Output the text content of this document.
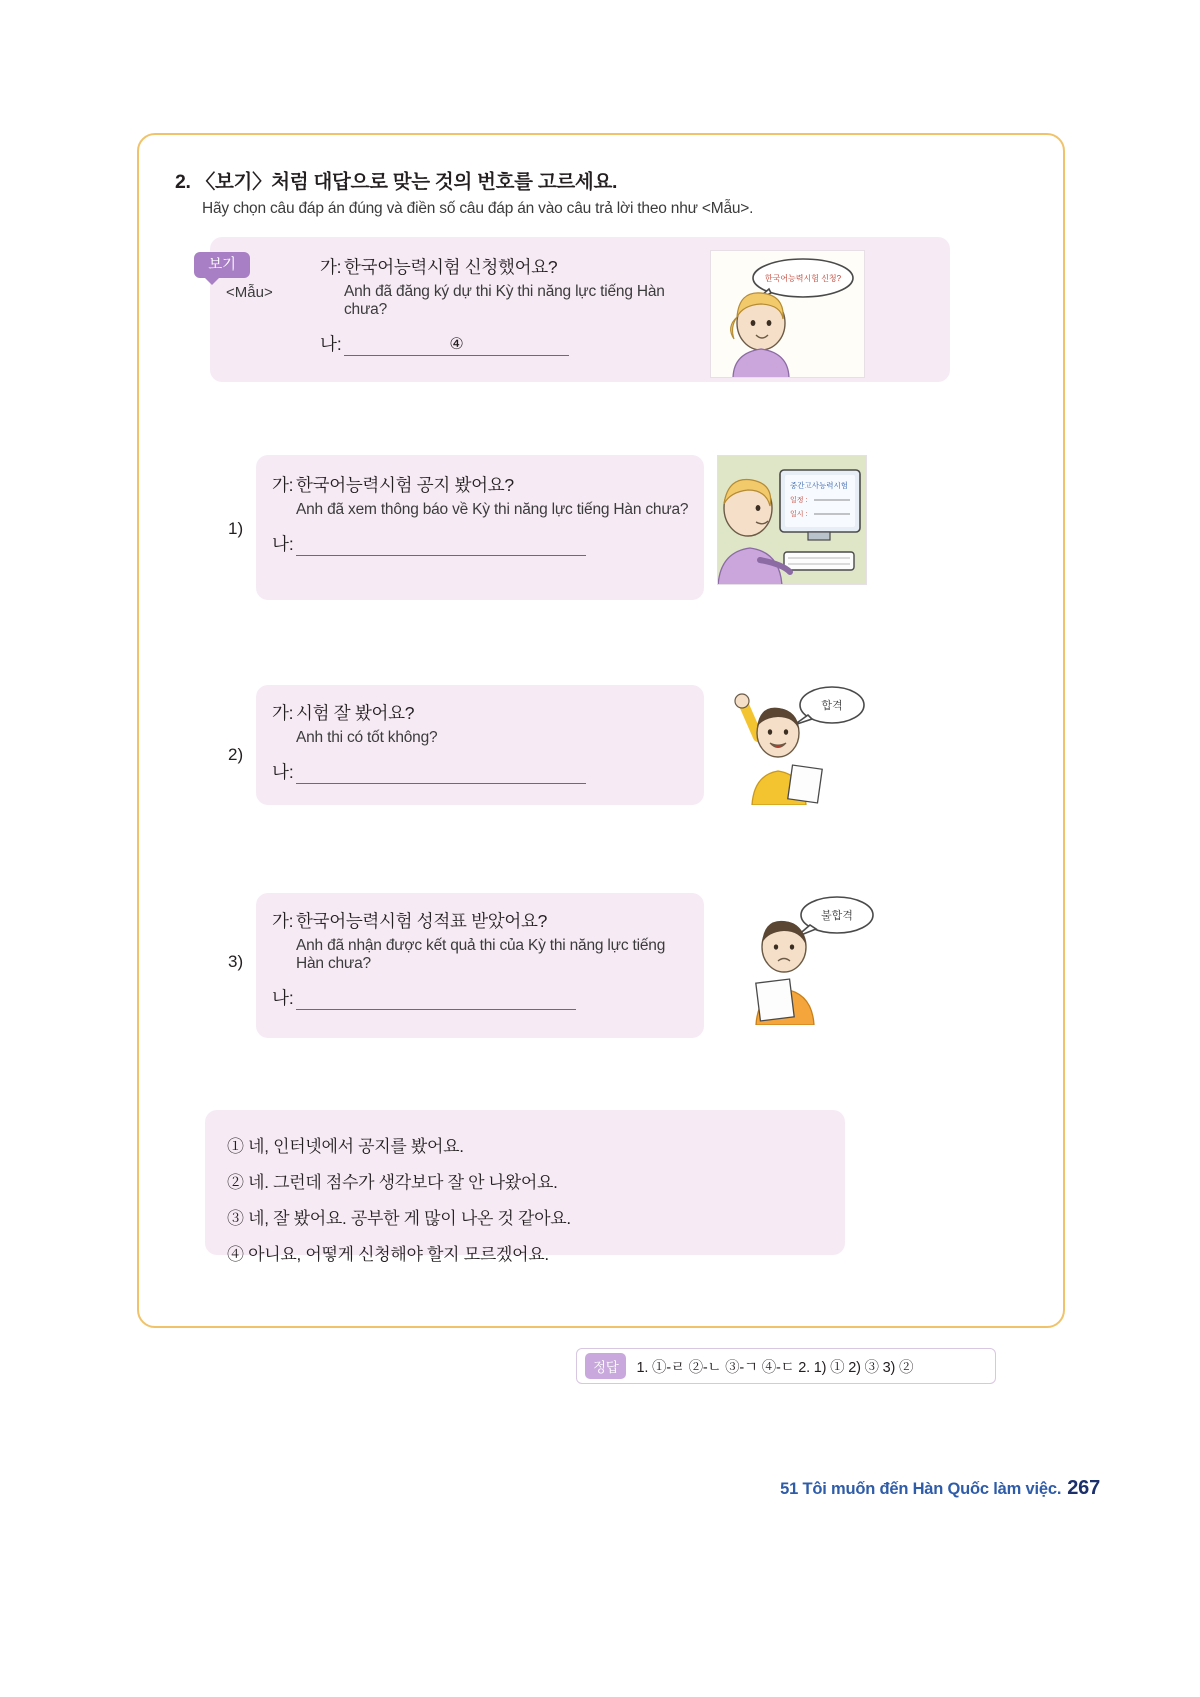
2. 〈보기〉처럼 대답으로 맞는 것의 번호를 고르세요.

Hãy chọn câu đáp án đúng và điền số câu đáp án vào câu trả lời theo như <Mẫu>.

보기
<Mẫu>
가: 한국어능력시험 신청했어요?
Anh đã đăng ký dự thi Kỳ thi năng lực tiếng Hàn chưa?
나:	④
한국어능력시험 신청?
1)
가: 한국어능력시험 공지 봤어요?
Anh đã xem thông báo về Kỳ thi năng lực tiếng Hàn chưa?
나:
중간고사능력시험
일정 :
일시 :
2)
가: 시험 잘 봤어요?
Anh thi có tốt không?
나:
합격
3)
가: 한국어능력시험 성적표 받았어요?
Anh đã nhận được kết quả thi của Kỳ thi năng lực tiếng Hàn chưa?
나:
불합격
① 네, 인터넷에서 공지를 봤어요.
② 네. 그런데 점수가 생각보다 잘 안 나왔어요.
③ 네, 잘 봤어요. 공부한 게 많이 나온 것 같아요.
④ 아니요, 어떻게 신청해야 할지 모르겠어요.
정답	1. ①-ㄹ ②-ㄴ ③-ㄱ ④-ㄷ 2. 1) ① 2) ③ 3) ②
51 Tôi muốn đến Hàn Quốc làm việc. 267
